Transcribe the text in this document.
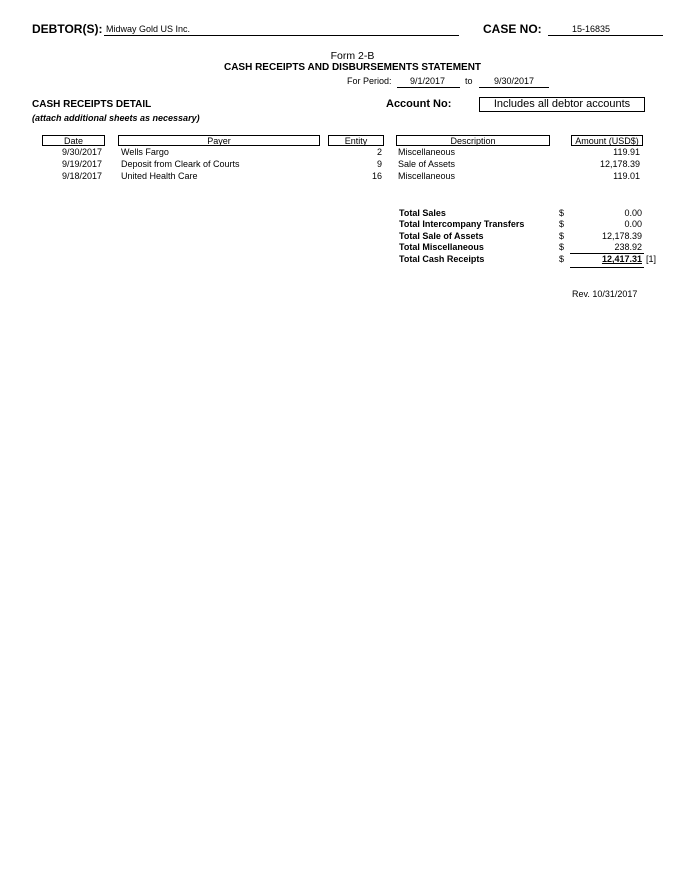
DEBTOR(S): Midway Gold US Inc.	CASE NO:	15-16835
Form 2-B
CASH RECEIPTS AND DISBURSEMENTS STATEMENT
For Period: 9/1/2017 to 9/30/2017
CASH RECEIPTS DETAIL
(attach additional sheets as necessary)
Account No:	Includes all debtor accounts
Date	Payer	Entity	Description	Amount (USD$)
9/30/2017 Wells Fargo	2 Miscellaneous	119.91
9/19/2017 Deposit from Cleark of Courts	9 Sale of Assets	12,178.39
9/18/2017 United Health Care	16 Miscellaneous	119.01
Total Sales	$	0.00
Total Intercompany Transfers	$	0.00
Total Sale of Assets	$	12,178.39
Total Miscellaneous	$	238.92
Total Cash Receipts	$	12,417.31 [1]
Rev. 10/31/2017
